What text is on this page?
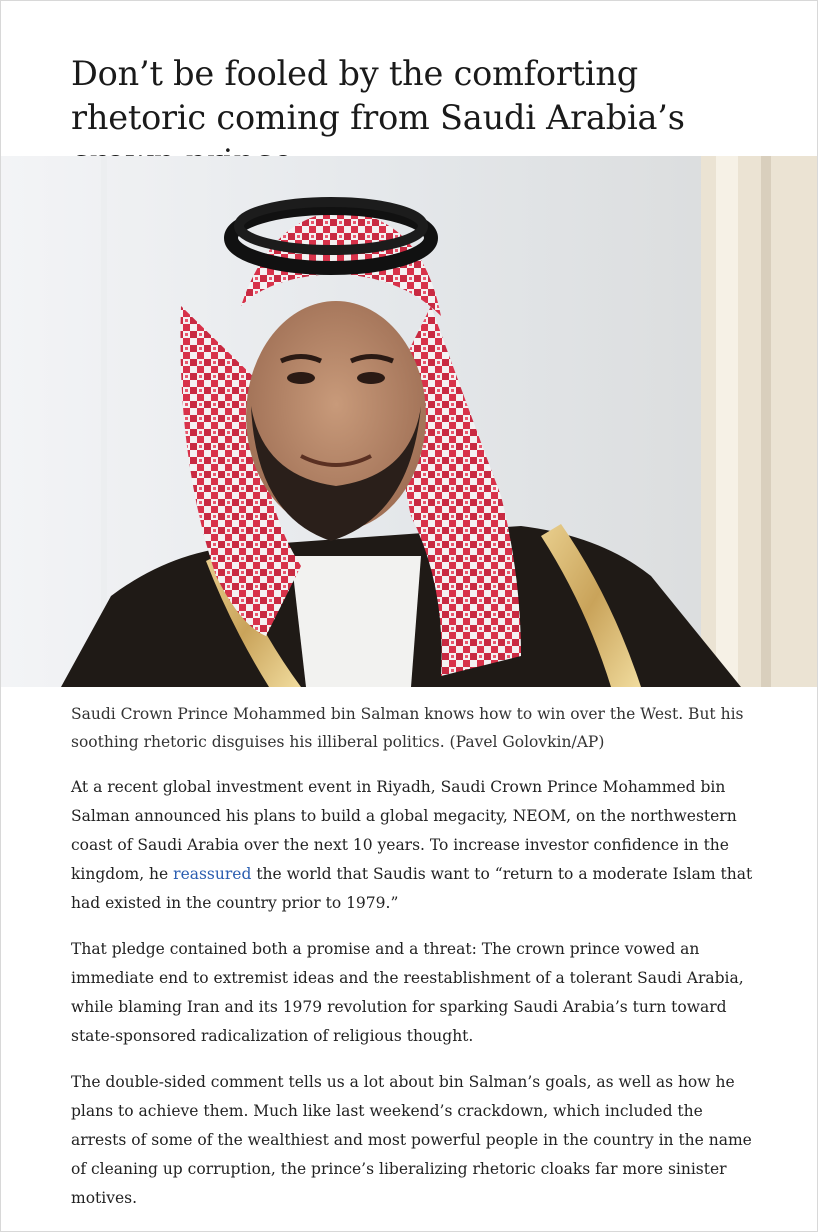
Don’t be fooled by the comforting rhetoric coming from Saudi Arabia’s

Saudi Crown Prince Mohammed bin Salman knows how to win over the West. But his soothing rhetoric disguises his illiberal politics. (Pavel Golovkin/AP)

At a recent global investment event in Riyadh, Saudi Crown Prince Mohammed bin Salman announced his plans to build a global megacity, NEOM, on the northwestern coast of Saudi Arabia over the next 10 years. To increase investor confidence in the kingdom, he reassured the world that Saudis want to “return to a moderate Islam that had existed in the country prior to 1979.”

That pledge contained both a promise and a threat: The crown prince vowed an immediate end to extremist ideas and the reestablishment of a tolerant Saudi Arabia, while blaming Iran and its 1979 revolution for sparking Saudi Arabia’s turn toward state-sponsored radicalization of religious thought.

The double-sided comment tells us a lot about bin Salman’s goals, as well as how he plans to achieve them. Much like last weekend’s crackdown, which included the arrests of some of the wealthiest and most powerful people in the country in the name of cleaning up corruption, the prince’s liberalizing rhetoric cloaks far more sinister motives.
